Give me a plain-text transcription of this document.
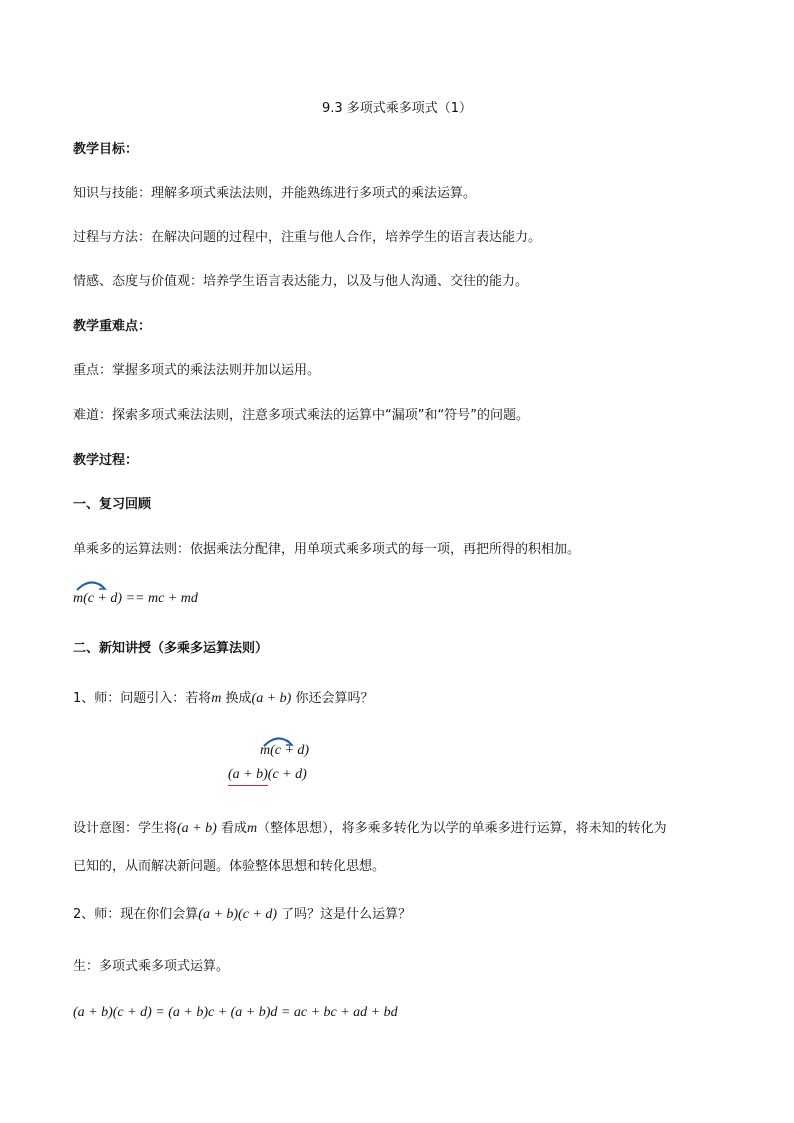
9.3 多项式乘多项式（1）
教学目标：
知识与技能：理解多项式乘法法则，并能熟练进行多项式的乘法运算。
过程与方法：在解决问题的过程中，注重与他人合作，培养学生的语言表达能力。
情感、态度与价值观：培养学生语言表达能力，以及与他人沟通、交往的能力。
教学重难点：
重点：掌握多项式的乘法法则并加以运用。
难道：探索多项式乘法法则，注意多项式乘法的运算中“漏项”和“符号”的问题。
教学过程：
一、复习回顾
单乘多的运算法则：依据乘法分配律，用单项式乘多项式的每一项，再把所得的积相加。
m(c + d) == mc + md
二、新知讲授（多乘多运算法则）
1、师：问题引入：若将m 换成(a + b) 你还会算吗？
m(c + d)
(a + b)(c + d)
设计意图：学生将(a + b) 看成m（整体思想），将多乘多转化为以学的单乘多进行运算，将未知的转化为
已知的，从而解决新问题。体验整体思想和转化思想。
2、师：现在你们会算(a + b)(c + d) 了吗？这是什么运算？
生：多项式乘多项式运算。
(a + b)(c + d) = (a + b)c + (a + b)d = ac + bc + ad + bd
